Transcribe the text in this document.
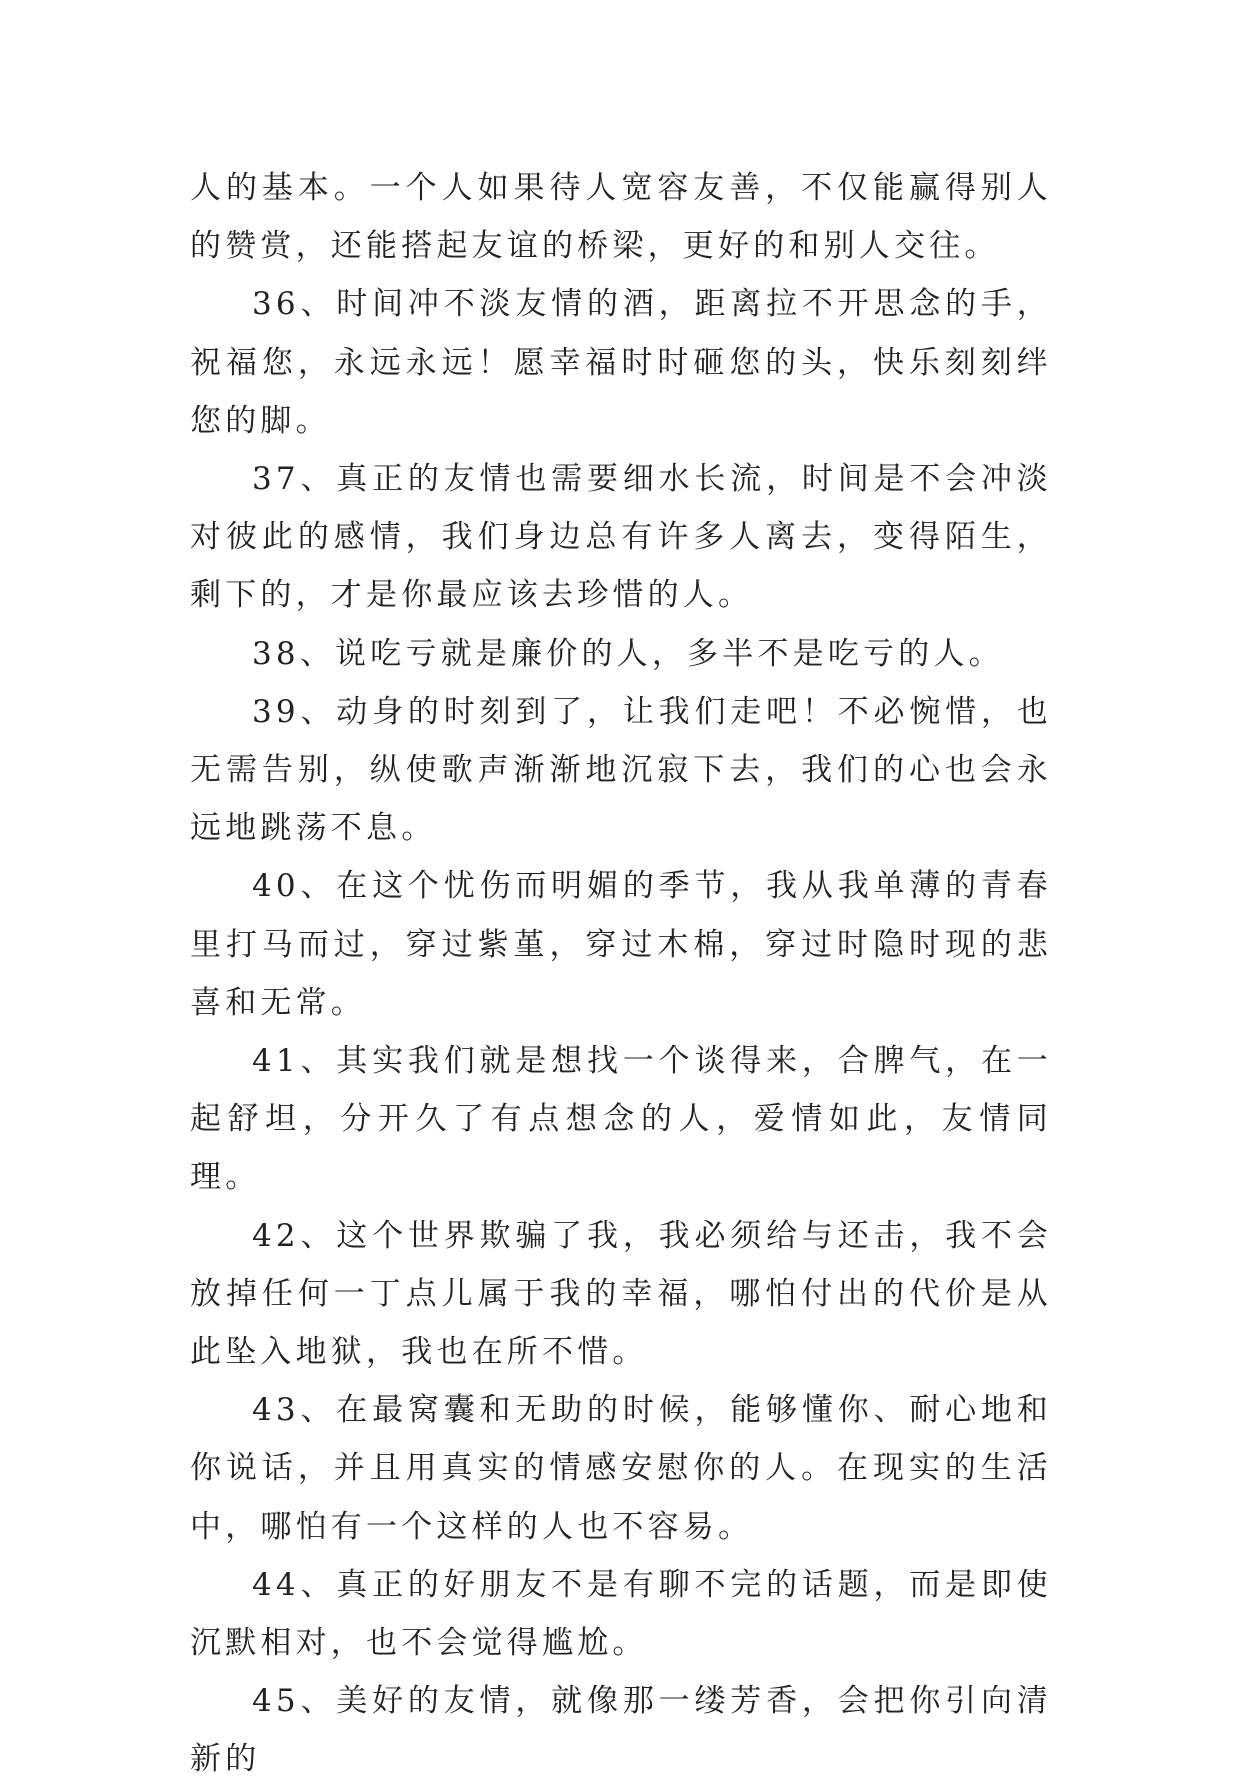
人的基本。一个人如果待人宽容友善，不仅能赢得别人的赞赏，还能搭起友谊的桥梁，更好的和别人交往。

36、时间冲不淡友情的酒，距离拉不开思念的手，祝福您，永远永远！愿幸福时时砸您的头，快乐刻刻绊您的脚。

37、真正的友情也需要细水长流，时间是不会冲淡对彼此的感情，我们身边总有许多人离去，变得陌生，剩下的，才是你最应该去珍惜的人。

38、说吃亏就是廉价的人，多半不是吃亏的人。

39、动身的时刻到了，让我们走吧！不必惋惜，也无需告别，纵使歌声渐渐地沉寂下去，我们的心也会永远地跳荡不息。

40、在这个忧伤而明媚的季节，我从我单薄的青春里打马而过，穿过紫堇，穿过木棉，穿过时隐时现的悲喜和无常。

41、其实我们就是想找一个谈得来，合脾气，在一起舒坦，分开久了有点想念的人，爱情如此，友情同理。

42、这个世界欺骗了我，我必须给与还击，我不会放掉任何一丁点儿属于我的幸福，哪怕付出的代价是从此坠入地狱，我也在所不惜。

43、在最窝囊和无助的时候，能够懂你、耐心地和你说话，并且用真实的情感安慰你的人。在现实的生活中，哪怕有一个这样的人也不容易。

44、真正的好朋友不是有聊不完的话题，而是即使沉默相对，也不会觉得尴尬。

45、美好的友情，就像那一缕芳香，会把你引向清新的
